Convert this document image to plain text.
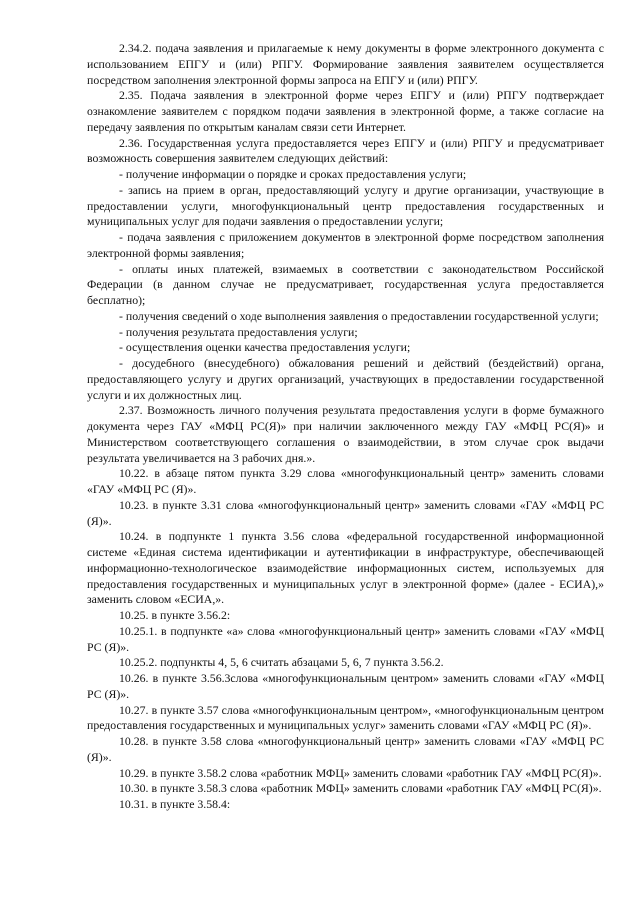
2.34.2. подача заявления и прилагаемые к нему документы в форме электронного документа с использованием ЕПГУ и (или) РПГУ. Формирование заявления заявителем осуществляется посредством заполнения электронной формы запроса на ЕПГУ и (или) РПГУ.

2.35. Подача заявления в электронной форме через ЕПГУ и (или) РПГУ подтверждает ознакомление заявителем с порядком подачи заявления в электронной форме, а также согласие на передачу заявления по открытым каналам связи сети Интернет.

2.36. Государственная услуга предоставляется через ЕПГУ и (или) РПГУ и предусматривает возможность совершения заявителем следующих действий:

- получение информации о порядке и сроках предоставления услуги;

- запись на прием в орган, предоставляющий услугу и другие организации, участвующие в предоставлении услуги, многофункциональный центр предоставления государственных и муниципальных услуг для подачи заявления о предоставлении услуги;

- подача заявления с приложением документов в электронной форме посредством заполнения электронной формы заявления;

- оплаты иных платежей, взимаемых в соответствии с законодательством Российской Федерации (в данном случае не предусматривает, государственная услуга предоставляется бесплатно);

- получения сведений о ходе выполнения заявления о предоставлении государственной услуги;

- получения результата предоставления услуги;

- осуществления оценки качества предоставления услуги;

- досудебного (внесудебного) обжалования решений и действий (бездействий) органа, предоставляющего услугу и других организаций, участвующих в предоставлении государственной услуги и их должностных лиц.

2.37. Возможность личного получения результата предоставления услуги в форме бумажного документа через ГАУ «МФЦ РС(Я)» при наличии заключенного между ГАУ «МФЦ РС(Я)» и Министерством соответствующего соглашения о взаимодействии, в этом случае срок выдачи результата увеличивается на 3 рабочих дня.».

10.22. в абзаце пятом пункта 3.29 слова «многофункциональный центр» заменить словами «ГАУ «МФЦ РС (Я)».

10.23. в пункте 3.31 слова «многофункциональный центр» заменить словами «ГАУ «МФЦ РС (Я)».

10.24. в подпункте 1 пункта 3.56 слова «федеральной государственной информационной системе «Единая система идентификации и аутентификации в инфраструктуре, обеспечивающей информационно-технологическое взаимодействие информационных систем, используемых для предоставления государственных и муниципальных услуг в электронной форме» (далее - ЕСИА),» заменить словом «ЕСИА,».

10.25. в пункте 3.56.2:

10.25.1. в подпункте «а» слова «многофункциональный центр» заменить словами «ГАУ «МФЦ РС (Я)».

10.25.2. подпункты 4, 5, 6 считать абзацами 5, 6, 7 пункта 3.56.2.

10.26. в пункте 3.56.3слова «многофункциональным центром» заменить словами «ГАУ «МФЦ РС (Я)».

10.27. в пункте 3.57 слова «многофункциональным центром», «многофункциональным центром предоставления государственных и муниципальных услуг» заменить словами «ГАУ «МФЦ РС (Я)».

10.28. в пункте 3.58 слова «многофункциональный центр» заменить словами «ГАУ «МФЦ РС (Я)».

10.29. в пункте 3.58.2 слова «работник МФЦ» заменить словами «работник ГАУ «МФЦ РС(Я)».

10.30. в пункте 3.58.3 слова «работник МФЦ» заменить словами «работник ГАУ «МФЦ РС(Я)».

10.31. в пункте 3.58.4:
